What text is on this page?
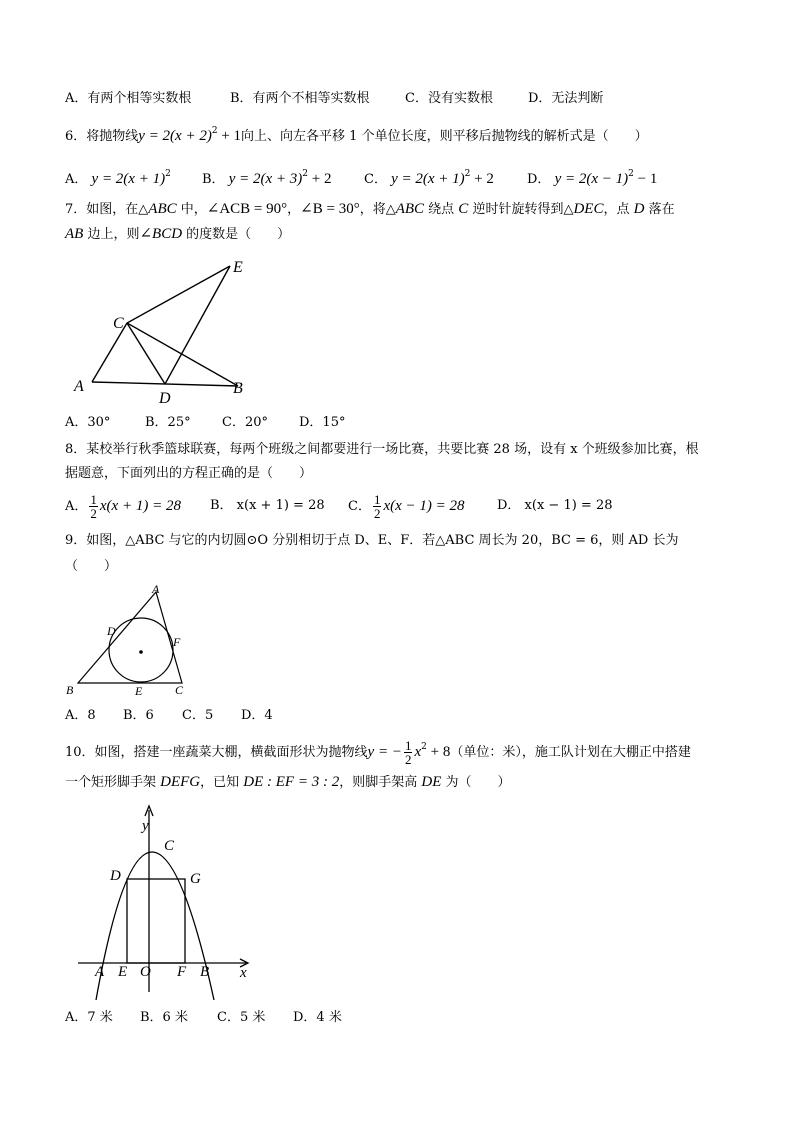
A．有两个相等实数根	B．有两个不相等实数根	C．没有实数根	D．无法判断
6．将抛物线$y = 2(x + 2)^2 + 1$向上、向左各平移 1 个单位长度，则平移后抛物线的解析式是（　　）
A． $y = 2(x + 1)^2$ B． $y = 2(x + 3)^2 + 2$	C． $y = 2(x + 1)^2 + 2$	D． $y = 2(x - 1)^2 - 1$
7．如图，在△ABC 中，∠ACB = 90°，∠B = 30°，将△ABC 绕点 C 逆时针旋转得到△DEC，点 D 落在
AB 边上，则∠BCD 的度数是（　　）
A
C
D
B
E
A．30°	B．25° C．20° D．15°
8．某校举行秋季篮球联赛，每两个班级之间都要进行一场比赛，共要比赛 28 场，设有 x 个班级参加比赛，根
据题意，下面列出的方程正确的是（　　）
A． $\frac{1}{2} x(x + 1) = 28$ B． x(x + 1) = 28 C． $\frac{1}{2} x(x - 1) = 28$ D． x(x − 1) = 28
9．如图，△ABC 与它的内切圆⊙O 分别相切于点 D、E、F．若△ABC 周长为 20，BC = 6，则 AD 长为
（　　）
A
D
F
B	E	C
A．8 B．6 C．5 D．4
10．如图，搭建一座蔬菜大棚，横截面形状为抛物线y = − $\frac{1}{2} x^2 + 8$（单位：米），施工队计划在大棚正中搭建
一个矩形脚手架 DEFG，已知 DE : EF = 3 : 2，则脚手架高 DE 为（　　）
y
C
D	G
A E O F B x
A．7 米 B．6 米 C．5 米 D．4 米
